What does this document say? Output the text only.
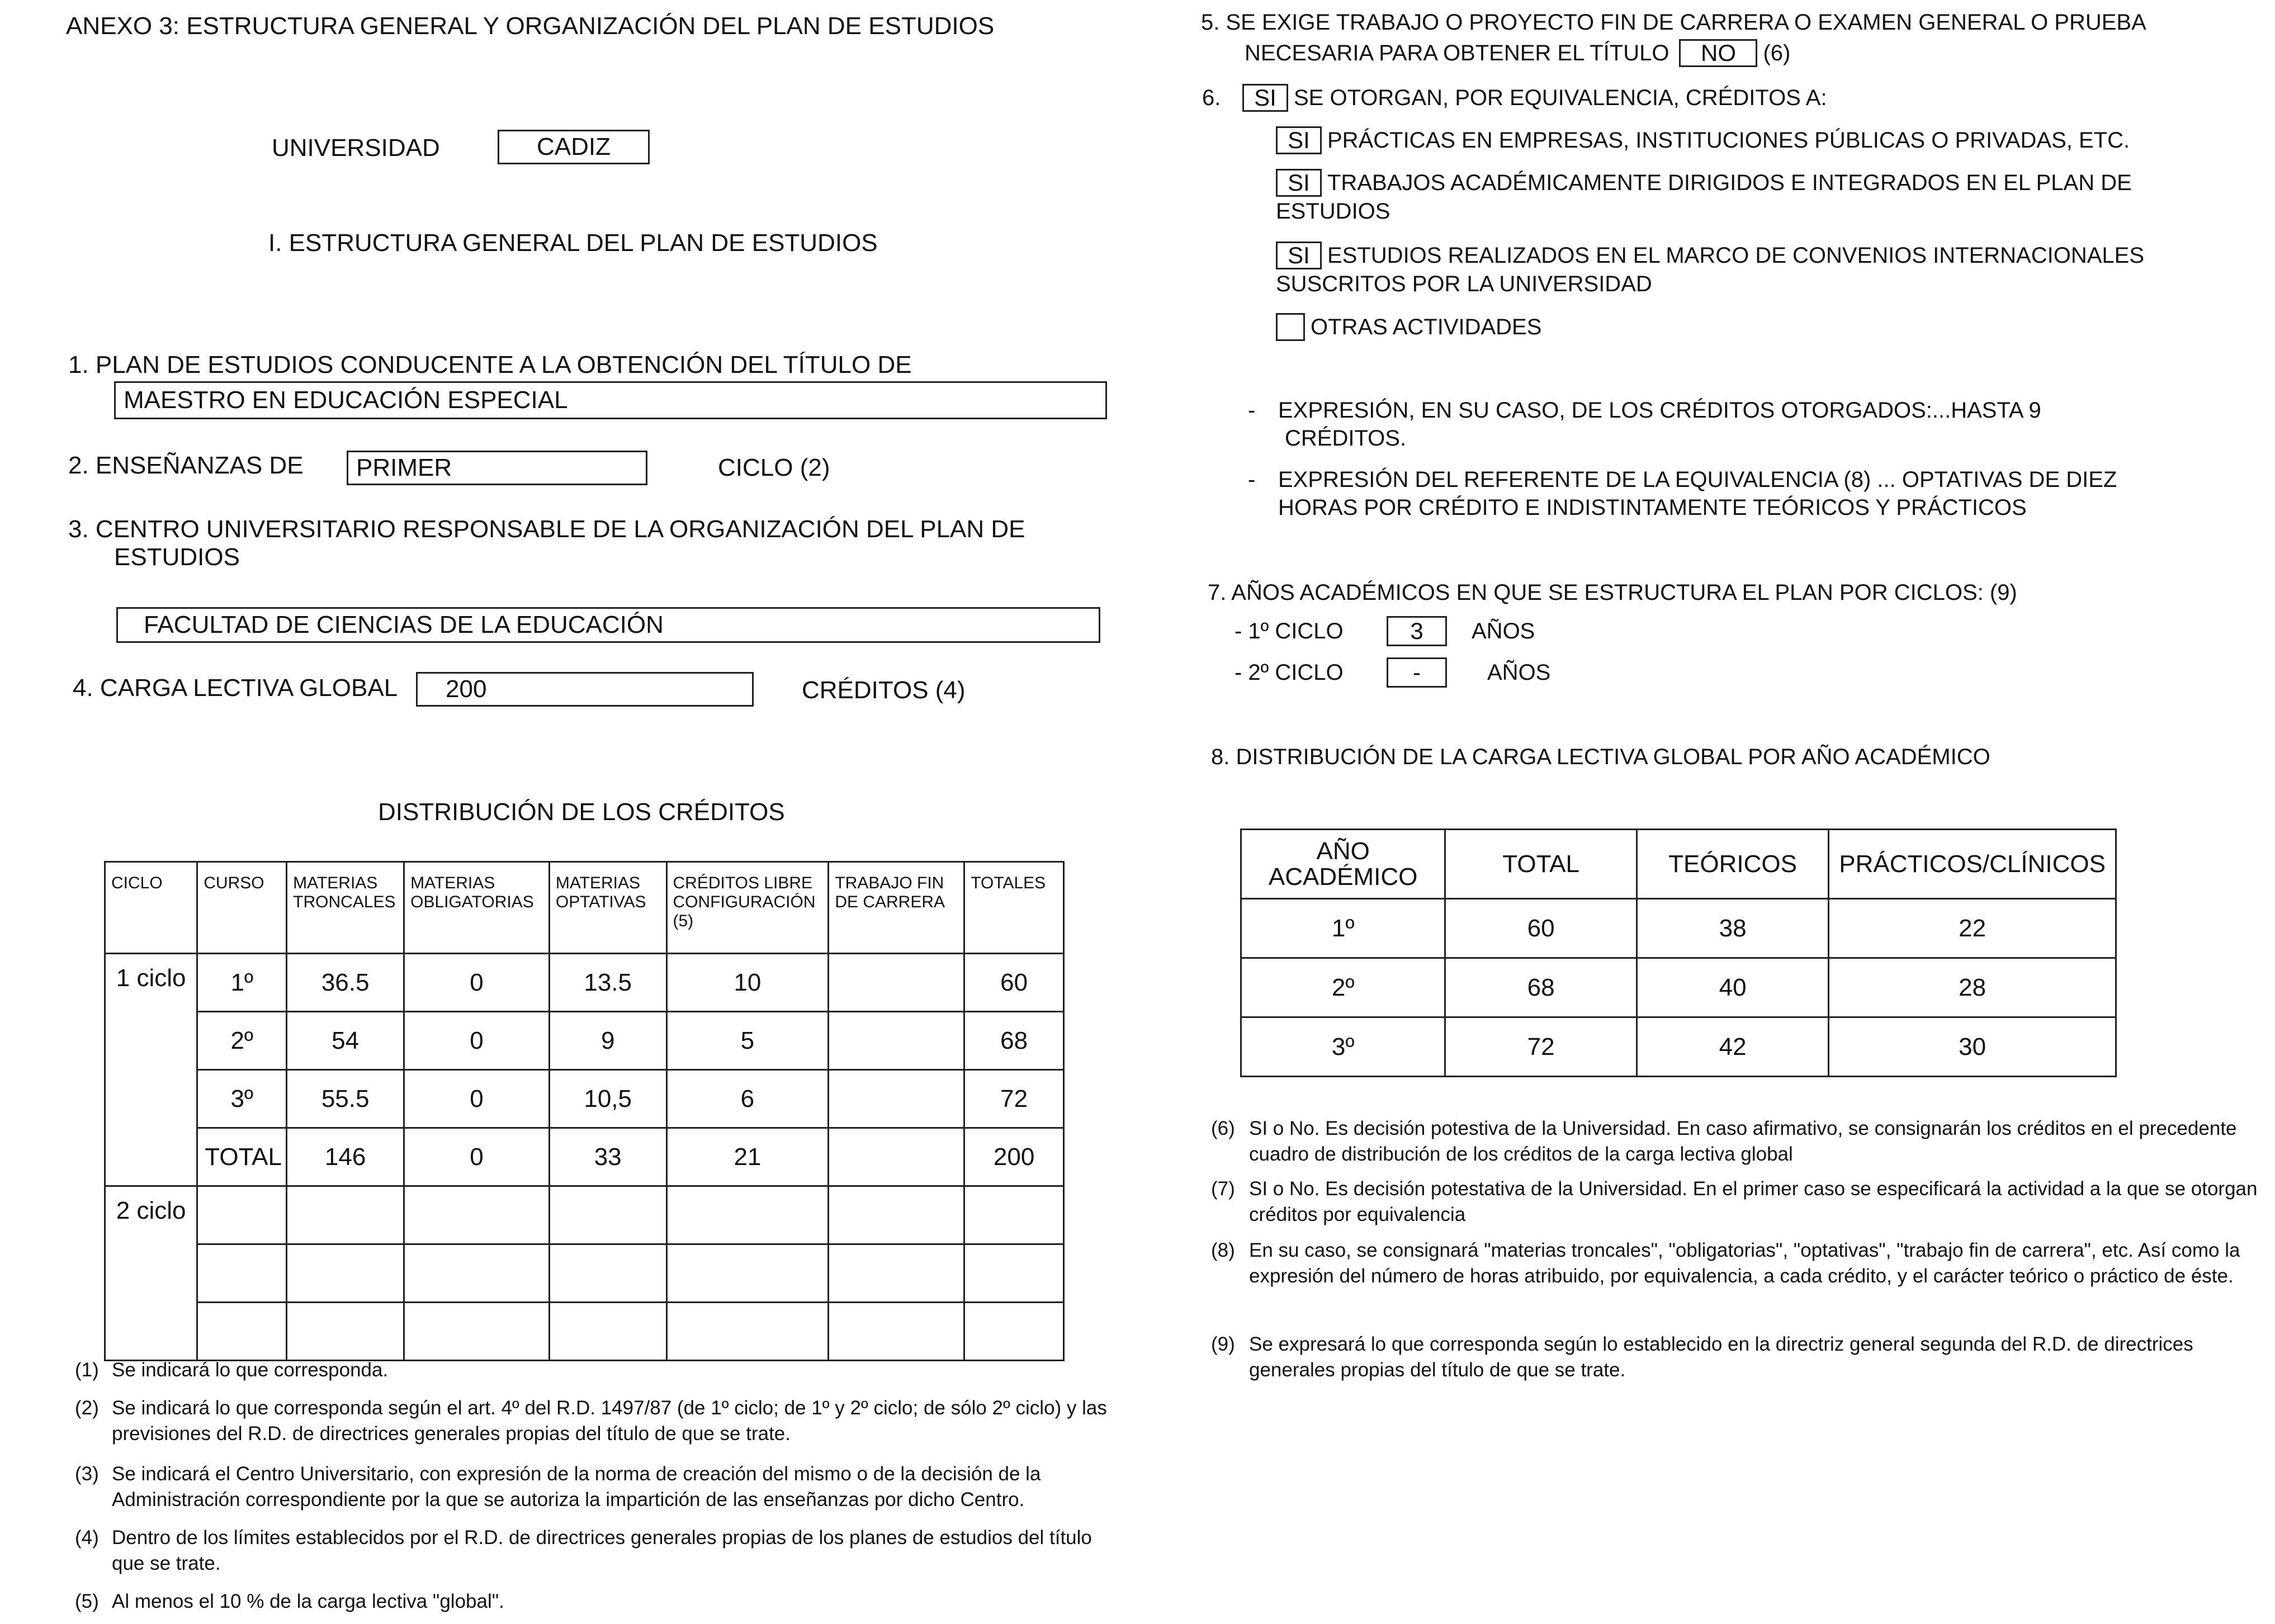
ANEXO 3: ESTRUCTURA GENERAL Y ORGANIZACIÓN DEL PLAN DE ESTUDIOS
UNIVERSIDAD	CADIZ
I. ESTRUCTURA GENERAL DEL PLAN DE ESTUDIOS
1. PLAN DE ESTUDIOS CONDUCENTE A LA OBTENCIÓN DEL TÍTULO DE
MAESTRO EN EDUCACIÓN ESPECIAL
2. ENSEÑANZAS DE PRIMER	CICLO (2)
3. CENTRO UNIVERSITARIO RESPONSABLE DE LA ORGANIZACIÓN DEL PLAN DE
ESTUDIOS
FACULTAD DE CIENCIAS DE LA EDUCACIÓN
4. CARGA LECTIVA GLOBAL 200	CRÉDITOS (4)
DISTRIBUCIÓN DE LOS CRÉDITOS
CICLO	CURSO	MATERIAS TRONCALES	MATERIAS OBLIGATORIAS	MATERIAS OPTATIVAS	CRÉDITOS LIBRE CONFIGURACIÓN (5)	TRABAJO FIN DE CARRERA	TOTALES
1 ciclo	1º	36.5	0	13.5	10		60
	2º	54	0	9	5		68
	3º	55.5	0	10,5	6		72
	TOTAL	146	0	33	21		200
2 ciclo							

(1) Se indicará lo que corresponda.
(2) Se indicará lo que corresponda según el art. 4º del R.D. 1497/87 (de 1º ciclo; de 1º y 2º ciclo; de sólo 2º ciclo) y las previsiones del R.D. de directrices generales propias del título de que se trate.
(3) Se indicará el Centro Universitario, con expresión de la norma de creación del mismo o de la decisión de la Administración correspondiente por la que se autoriza la impartición de las enseñanzas por dicho Centro.
(4) Dentro de los límites establecidos por el R.D. de directrices generales propias de los planes de estudios del título que se trate.
(5) Al menos el 10 % de la carga lectiva "global".
5. SE EXIGE TRABAJO O PROYECTO FIN DE CARRERA O EXAMEN GENERAL O PRUEBA
NECESARIA PARA OBTENER EL TÍTULO NO (6)
6.	SI SE OTORGAN, POR EQUIVALENCIA, CRÉDITOS A:
SI PRÁCTICAS EN EMPRESAS, INSTITUCIONES PÚBLICAS O PRIVADAS, ETC.
SI TRABAJOS ACADÉMICAMENTE DIRIGIDOS E INTEGRADOS EN EL PLAN DE
ESTUDIOS
SI ESTUDIOS REALIZADOS EN EL MARCO DE CONVENIOS INTERNACIONALES
SUSCRITOS POR LA UNIVERSIDAD
OTRAS ACTIVIDADES
- EXPRESIÓN, EN SU CASO, DE LOS CRÉDITOS OTORGADOS:...HASTA 9
CRÉDITOS.
- EXPRESIÓN DEL REFERENTE DE LA EQUIVALENCIA (8) ... OPTATIVAS DE DIEZ
HORAS POR CRÉDITO E INDISTINTAMENTE TEÓRICOS Y PRÁCTICOS
7. AÑOS ACADÉMICOS EN QUE SE ESTRUCTURA EL PLAN POR CICLOS: (9)
- 1º CICLO	3 AÑOS
- 2º CICLO	-	AÑOS
8. DISTRIBUCIÓN DE LA CARGA LECTIVA GLOBAL POR AÑO ACADÉMICO
AÑO ACADÉMICO	TOTAL	TEÓRICOS	PRÁCTICOS/CLÍNICOS
1º	60	38	22
2º	68	40	28
3º	72	42	30
(6) SI o No. Es decisión potestiva de la Universidad. En caso afirmativo, se consignarán los créditos en el precedente cuadro de distribución de los créditos de la carga lectiva global
(7) SI o No. Es decisión potestativa de la Universidad. En el primer caso se especificará la actividad a la que se otorgan créditos por equivalencia
(8) En su caso, se consignará "materias troncales", "obligatorias", "optativas", "trabajo fin de carrera", etc. Así como la expresión del número de horas atribuido, por equivalencia, a cada crédito, y el carácter teórico o práctico de éste.
(9) Se expresará lo que corresponda según lo establecido en la directriz general segunda del R.D. de directrices generales propias del título de que se trate.
